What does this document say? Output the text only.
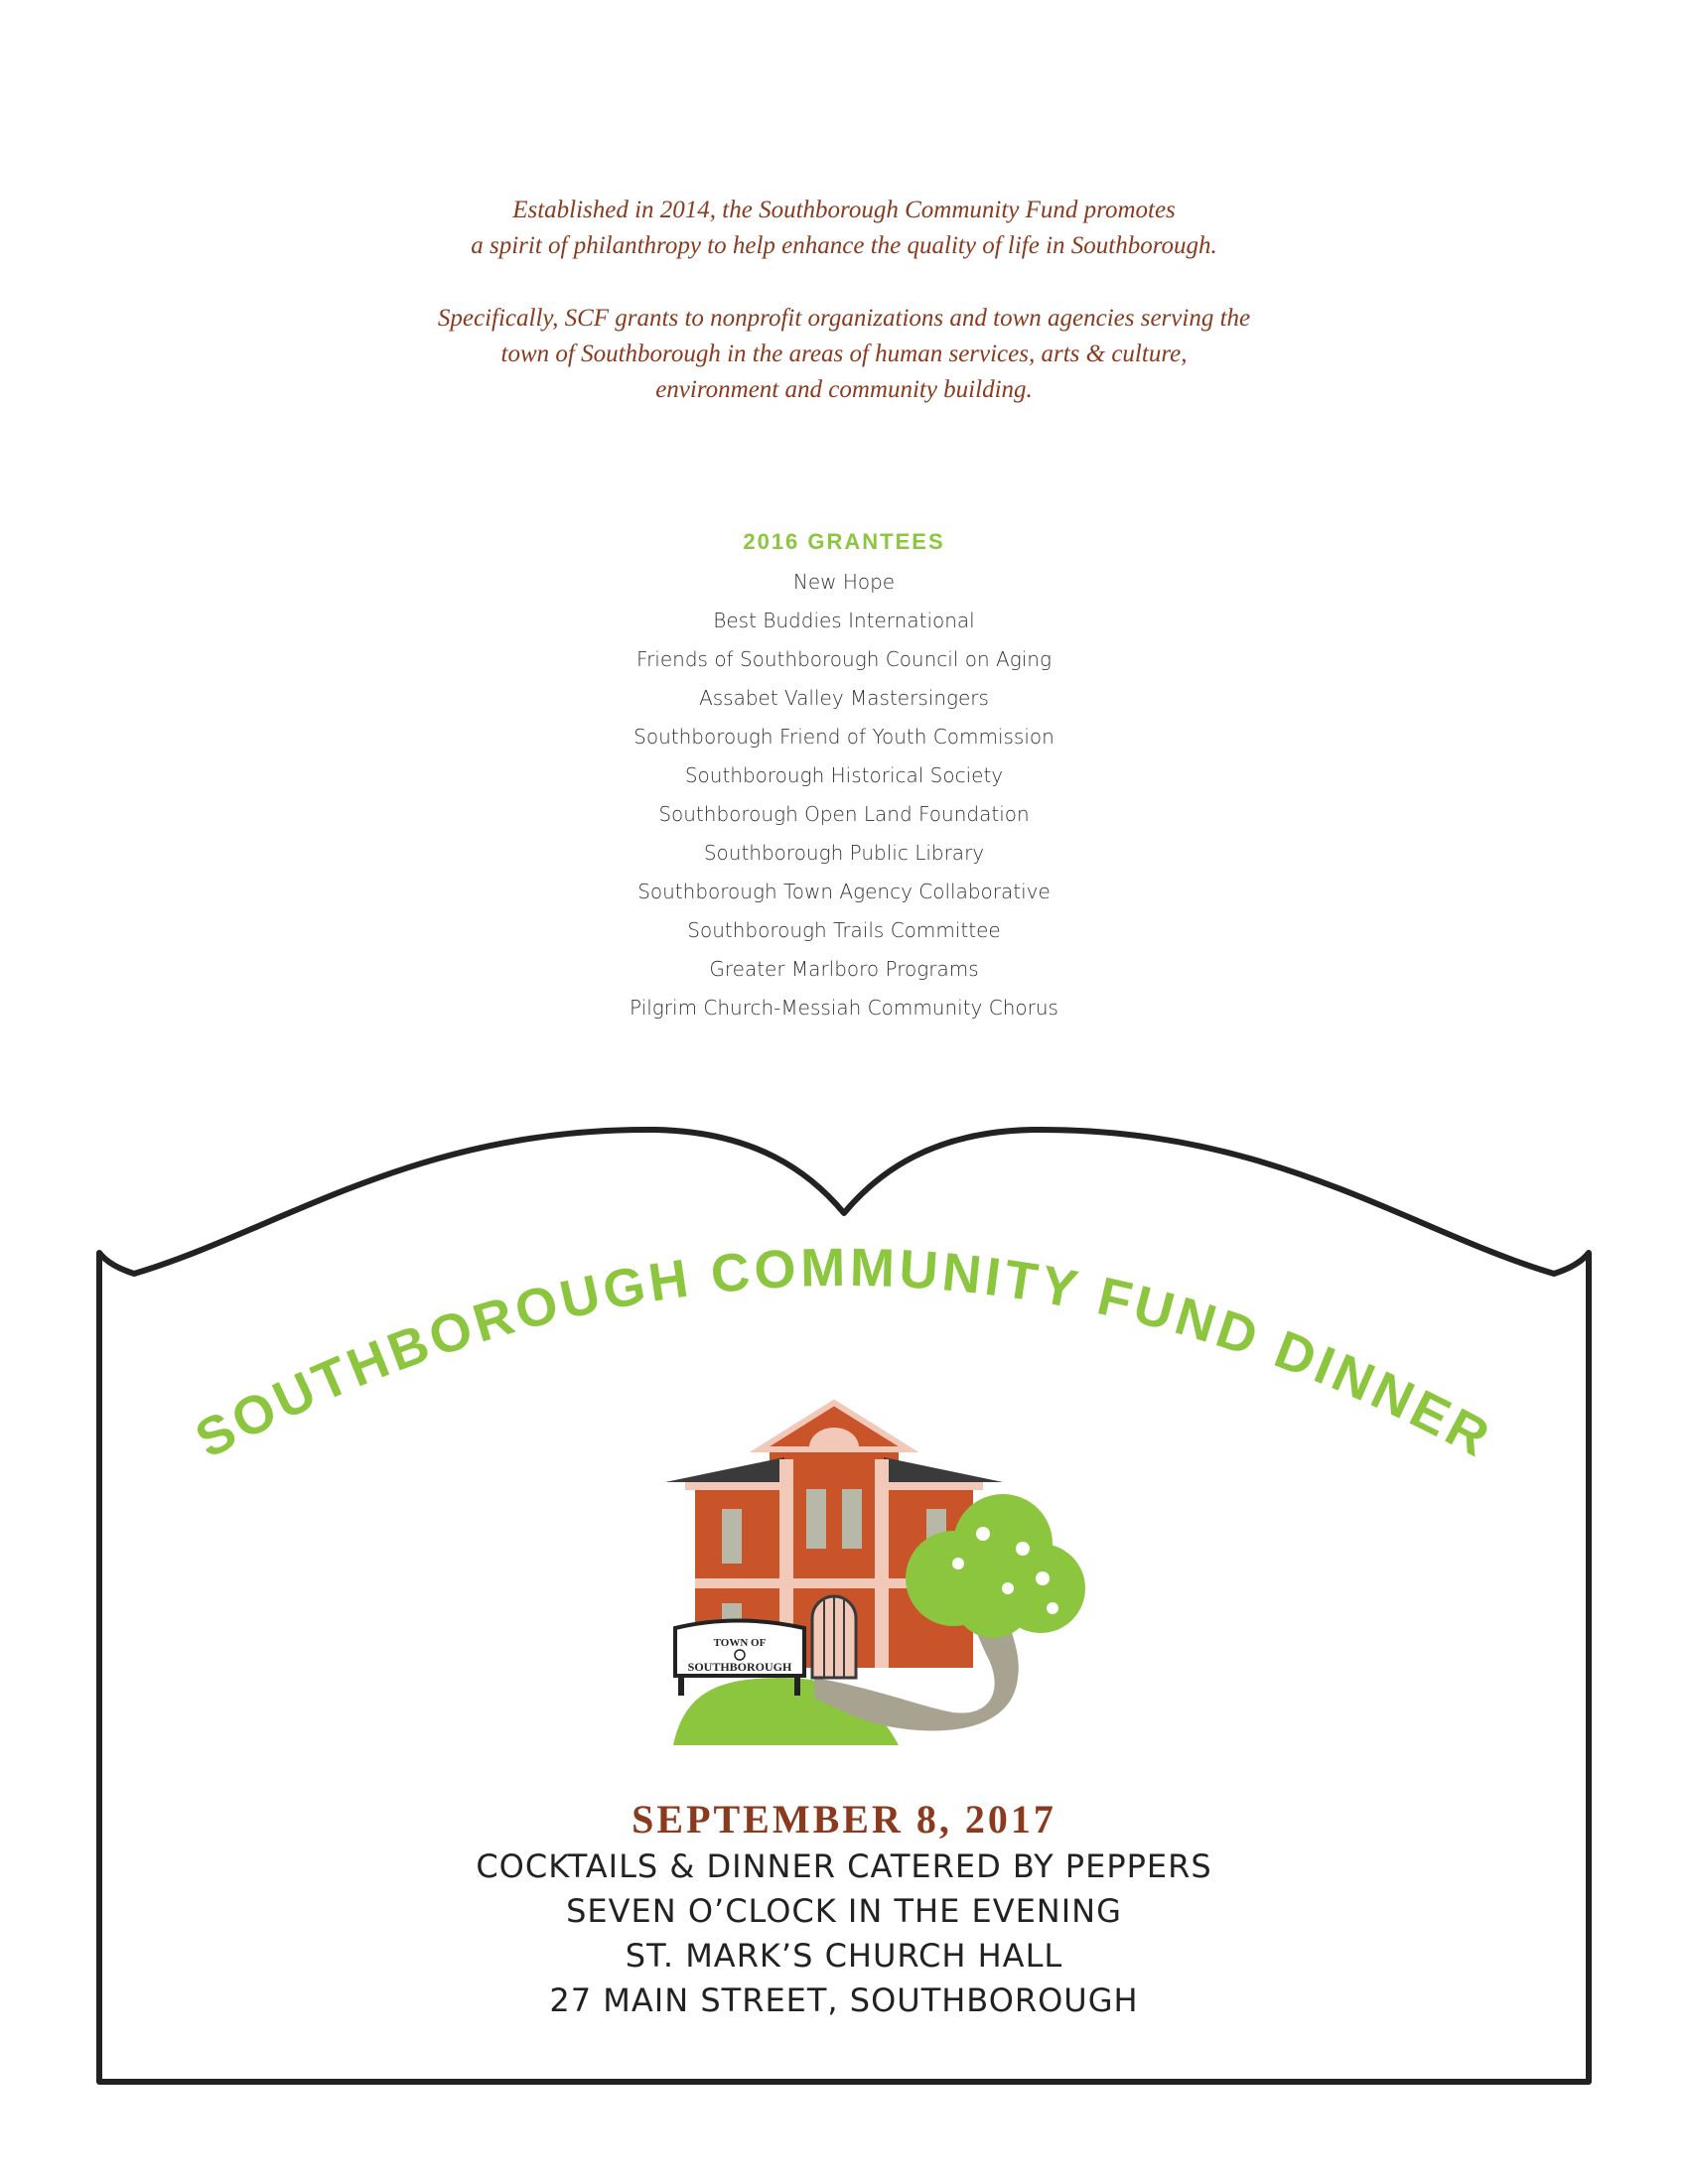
Established in 2014, the Southborough Community Fund promotes

a spirit of philanthropy to help enhance the quality of life in Southborough.

Specifically, SCF grants to nonprofit organizations and town agencies serving the

town of Southborough in the areas of human services, arts & culture,

environment and community building.

2016 GRANTEES

New Hope
Best Buddies International
Friends of Southborough Council on Aging
Assabet Valley Mastersingers
Southborough Friend of Youth Commission
Southborough Historical Society
Southborough Open Land Foundation
Southborough Public Library
Southborough Town Agency Collaborative
Southborough Trails Committee
Greater Marlboro Programs
Pilgrim Church-Messiah Community Chorus
SOUTHBOROUGH COMMUNITY FUND DINNER
TOWN OF
SOUTHBOROUGH

SEPTEMBER 8, 2017

COCKTAILS & DINNER CATERED BY PEPPERS

SEVEN O’CLOCK IN THE EVENING

ST. MARK’S CHURCH HALL

27 MAIN STREET, SOUTHBOROUGH
